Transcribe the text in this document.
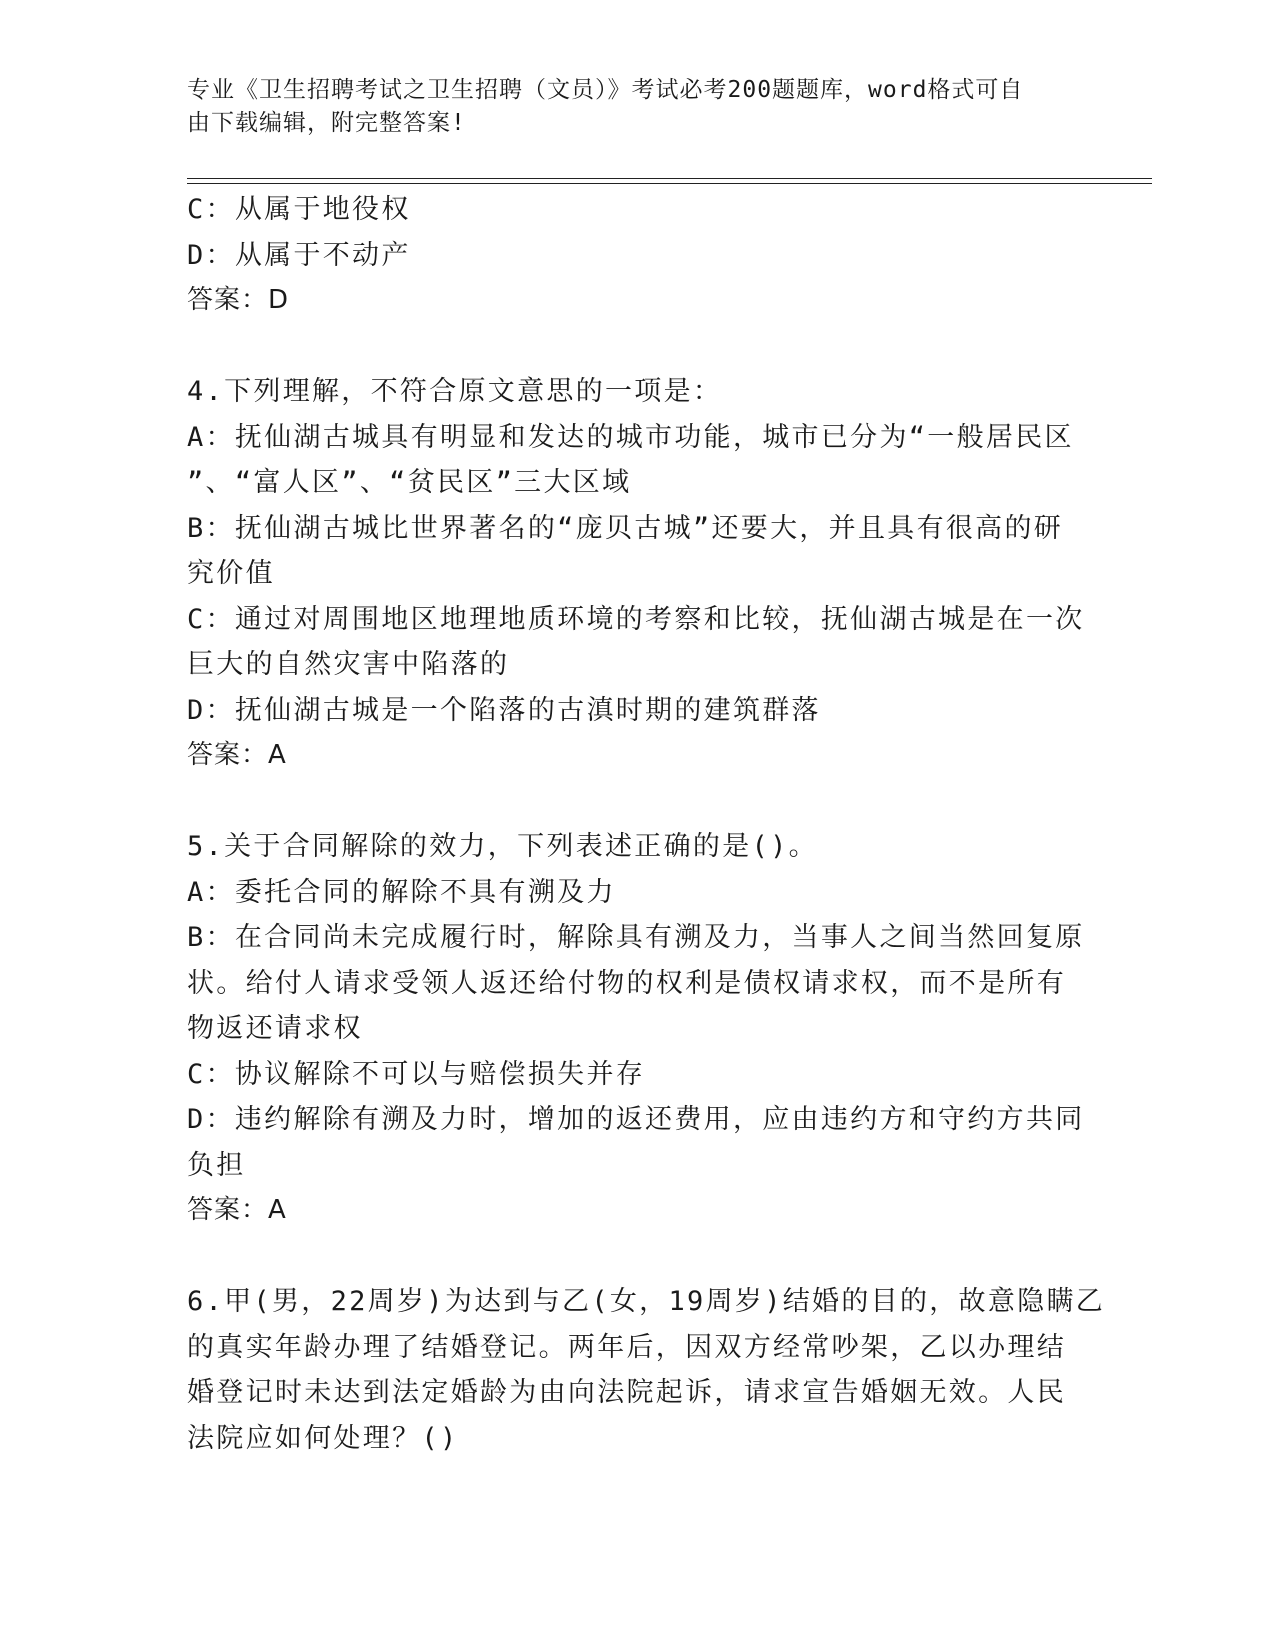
专业《卫生招聘考试之卫生招聘（文员）》考试必考200题题库，word格式可自
由下载编辑，附完整答案!
C：从属于地役权
D：从属于不动产
答案：D
4.下列理解，不符合原文意思的一项是：
A：抚仙湖古城具有明显和发达的城市功能，城市已分为“一般居民区
”、“富人区”、“贫民区”三大区域
B：抚仙湖古城比世界著名的“庞贝古城”还要大，并且具有很高的研
究价值
C：通过对周围地区地理地质环境的考察和比较，抚仙湖古城是在一次
巨大的自然灾害中陷落的
D：抚仙湖古城是一个陷落的古滇时期的建筑群落
答案：A
5.关于合同解除的效力，下列表述正确的是()。
A：委托合同的解除不具有溯及力
B：在合同尚未完成履行时，解除具有溯及力，当事人之间当然回复原
状。给付人请求受领人返还给付物的权利是债权请求权，而不是所有
物返还请求权
C：协议解除不可以与赔偿损失并存
D：违约解除有溯及力时，增加的返还费用，应由违约方和守约方共同
负担
答案：A
6.甲(男，22周岁)为达到与乙(女，19周岁)结婚的目的，故意隐瞒乙
的真实年龄办理了结婚登记。两年后，因双方经常吵架，乙以办理结
婚登记时未达到法定婚龄为由向法院起诉，请求宣告婚姻无效。人民
法院应如何处理？()
